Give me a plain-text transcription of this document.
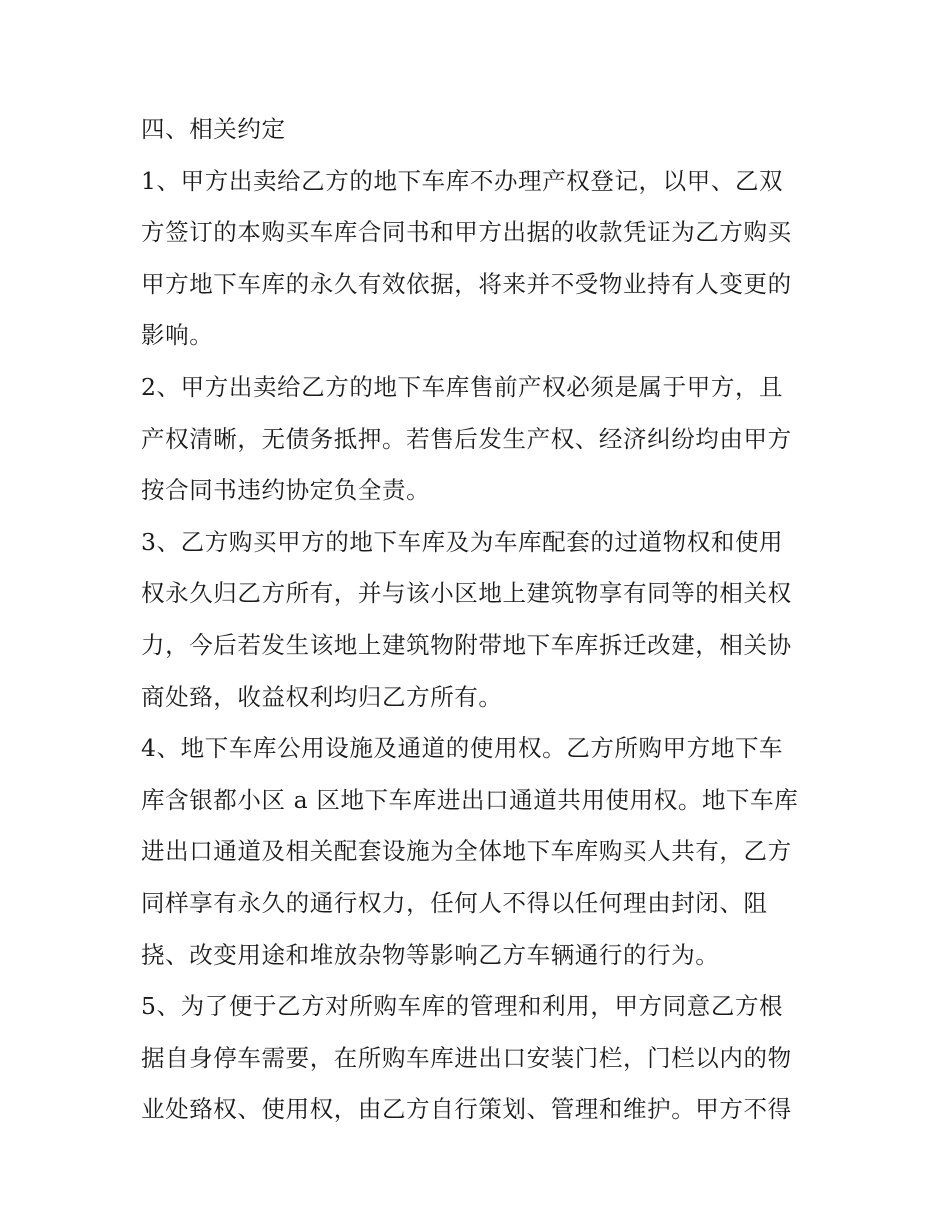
四、相关约定
1、甲方出卖给乙方的地下车库不办理产权登记，以甲、乙双
方签订的本购买车库合同书和甲方出据的收款凭证为乙方购买
甲方地下车库的永久有效依据，将来并不受物业持有人变更的
影响。
2、甲方出卖给乙方的地下车库售前产权必须是属于甲方，且
产权清晰，无债务抵押。若售后发生产权、经济纠纷均由甲方
按合同书违约协定负全责。
3、乙方购买甲方的地下车库及为车库配套的过道物权和使用
权永久归乙方所有，并与该小区地上建筑物享有同等的相关权
力，今后若发生该地上建筑物附带地下车库拆迁改建，相关协
商处臵，收益权利均归乙方所有。
4、地下车库公用设施及通道的使用权。乙方所购甲方地下车
库含银都小区 a 区地下车库进出口通道共用使用权。地下车库
进出口通道及相关配套设施为全体地下车库购买人共有，乙方
同样享有永久的通行权力，任何人不得以任何理由封闭、阻
挠、改变用途和堆放杂物等影响乙方车辆通行的行为。
5、为了便于乙方对所购车库的管理和利用，甲方同意乙方根
据自身停车需要，在所购车库进出口安装门栏，门栏以内的物
业处臵权、使用权，由乙方自行策划、管理和维护。甲方不得
